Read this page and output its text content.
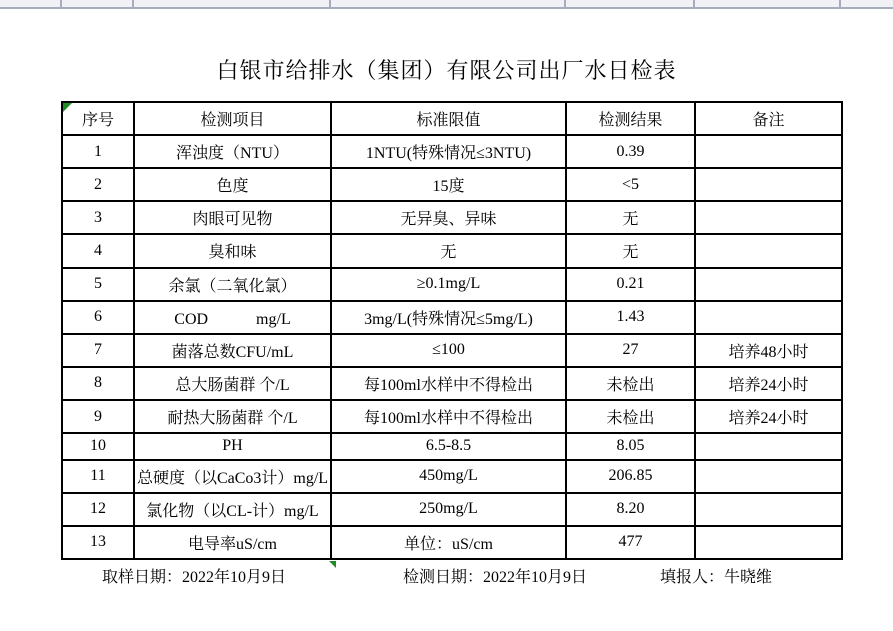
白银市给排水（集团）有限公司出厂水日检表
序号	检测项目	标准限值	检测结果	备注
1	浑浊度（NTU）	1NTU(特殊情况≤3NTU)	0.39	
2	色度	15度	<5	
3	肉眼可见物	无异臭、异味	无	
4	臭和味	无	无	
5	余氯（二氧化氯）	≥0.1mg/L	0.21	
6	COD　　　mg/L	3mg/L(特殊情况≤5mg/L)	1.43	
7	菌落总数CFU/mL	≤100	27	培养48小时
8	总大肠菌群 个/L	每100ml水样中不得检出	未检出	培养24小时
9	耐热大肠菌群 个/L	每100ml水样中不得检出	未检出	培养24小时
10	PH	6.5-8.5	8.05	
11	总硬度（以CaCo3计）mg/L	450mg/L	206.85	
12	氯化物（以CL-计）mg/L	250mg/L	8.20	
13	电导率uS/cm	单位：uS/cm	477	
取样日期：2022年10月9日	检测日期：2022年10月9日	填报人：牛晓维
